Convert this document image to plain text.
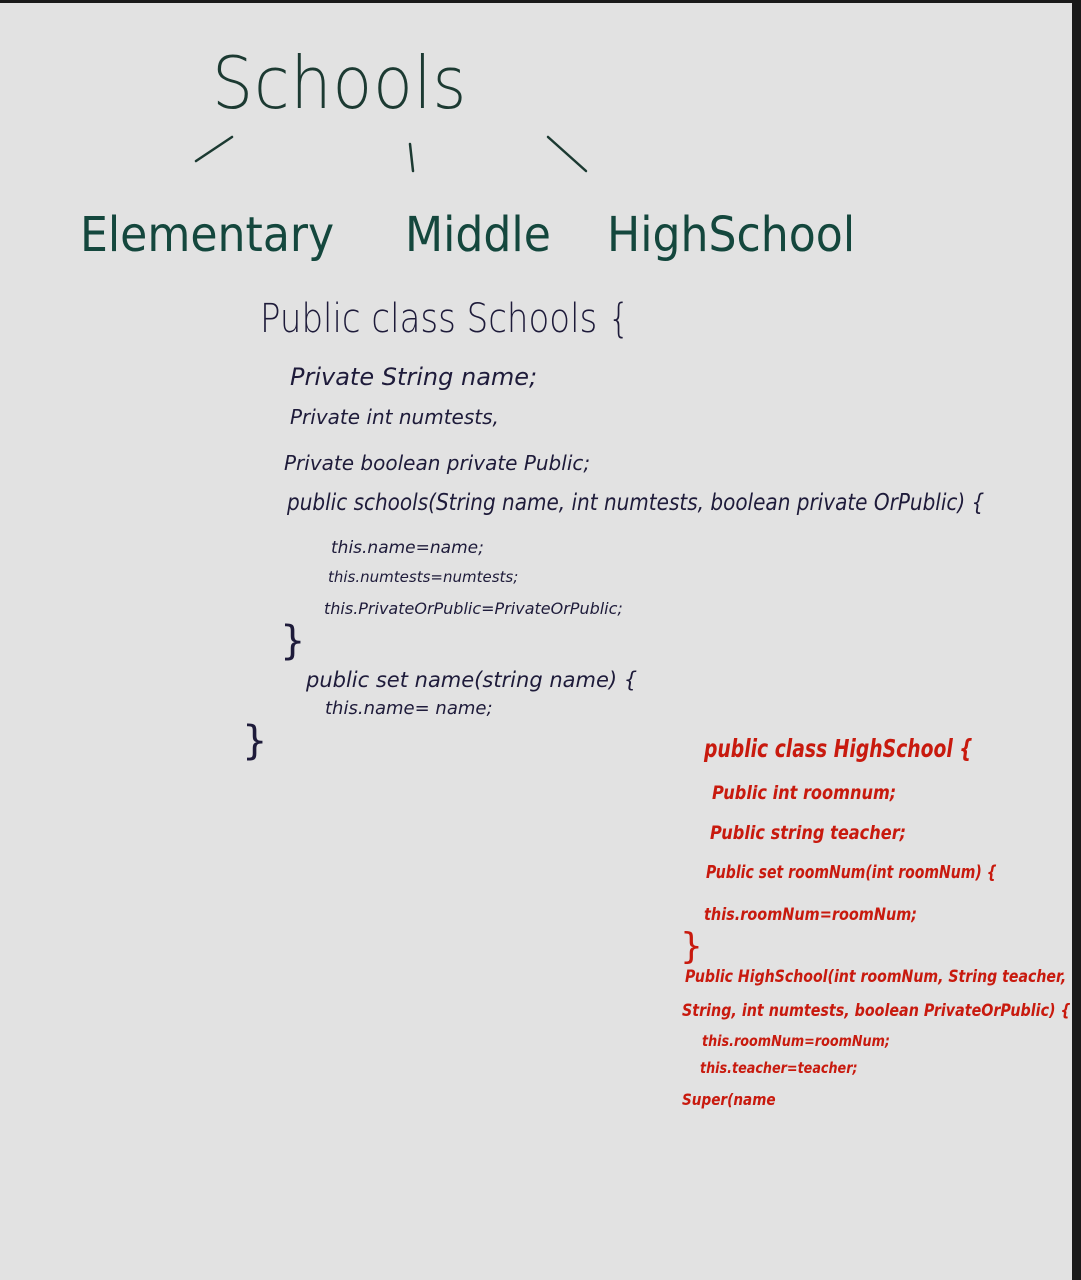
Schools
Elementary Middle HighSchool
Public class Schools {
Private String name;
Private int numtests,
Private boolean private Public;
public schools(String name, int numtests, boolean private OrPublic) {
this.name=name;
this.numtests=numtests;
this.PrivateOrPublic=PrivateOrPublic;
}
public set name(string name) {
this.name= name;
}	public class HighSchool {
Public int roomnum;
Public string teacher;
Public set roomNum(int roomNum) {
this.roomNum=roomNum;
}
Public HighSchool(int roomNum, String teacher,
String, int numtests, boolean PrivateOrPublic) {
this.roomNum=roomNum;
this.teacher=teacher;
Super(name
